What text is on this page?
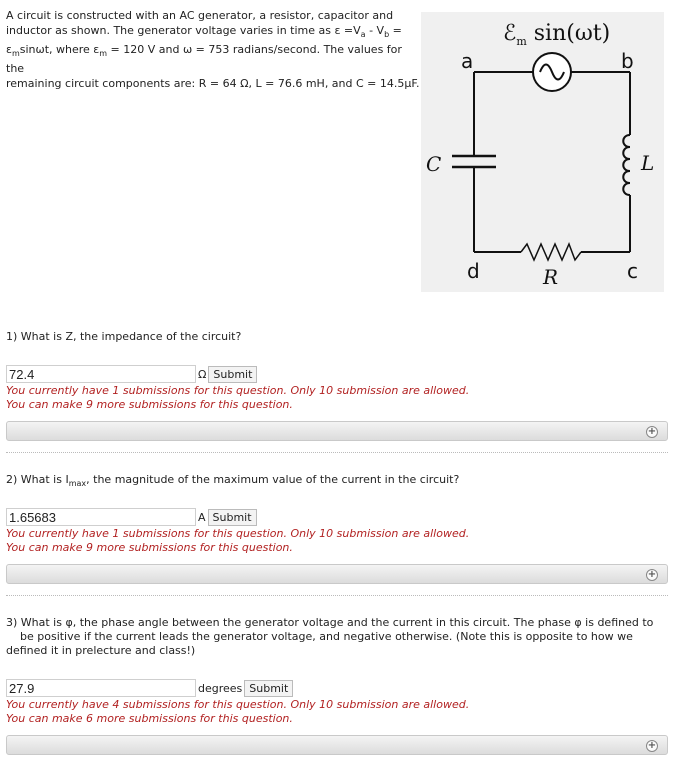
A circuit is constructed with an AC generator, a resistor, capacitor and
inductor as shown. The generator voltage varies in time as $\varepsilon =V_a - V_b$ =
$\varepsilon_m\sin\omega t$, where $\varepsilon_m = 120$ V and ω = 753 radians/second. The values for the
remaining circuit components are: R = 64 Ω, L = 76.6 mH, and C = 14.5μF.
ℰ$_m$ sin(ωt)
a	b
c
d
C	L
R
1) What is Z, the impedance of the circuit?
72.4
Ω Submit
You currently have 1 submissions for this question. Only 10 submission are allowed.
You can make 9 more submissions for this question.
+
2) What is $I_{max}$, the magnitude of the maximum value of the current in the circuit?
1.65683
A Submit
You currently have 1 submissions for this question. Only 10 submission are allowed.
You can make 9 more submissions for this question.
+
3) What is φ, the phase angle between the generator voltage and the current in this circuit. The phase φ is defined to
be positive if the current leads the generator voltage, and negative otherwise. (Note this is opposite to how we
defined it in prelecture and class!)
27.9
degrees Submit
You currently have 4 submissions for this question. Only 10 submission are allowed.
You can make 6 more submissions for this question.
+
